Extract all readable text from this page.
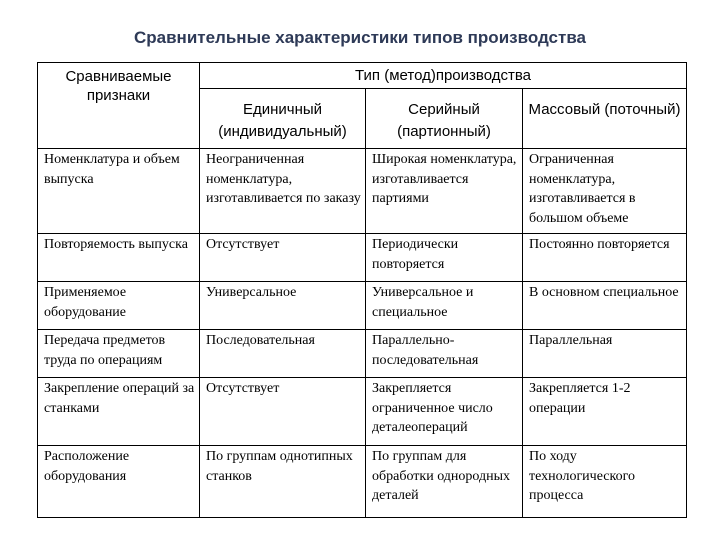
Сравнительные характеристики типов производства
Сравниваемые признаки	Тип (метод)производства		
	Единичный (индивидуальный)	Серийный (партионный)	Массовый (поточный)
Номенклатура и объем выпуска	Неограниченная номенклатура, изготавливается по заказу	Широкая номенклатура, изготавливается партиями	Ограниченная номенклатура, изготавливается в большом объеме
Повторяемость выпуска	Отсутствует	Периодически повторяется	Постоянно повторяется
Применяемое оборудование	Универсальное	Универсальное и специальное	В основном специальное
Передача предметов труда по операциям	Последовательная	Параллельно-последовательная	Параллельная
Закрепление операций за станками	Отсутствует	Закрепляется ограниченное число деталеопераций	Закрепляется 1-2 операции
Расположение оборудования	По группам однотипных станков	По группам для обработки однородных деталей	По ходу технологического процесса
